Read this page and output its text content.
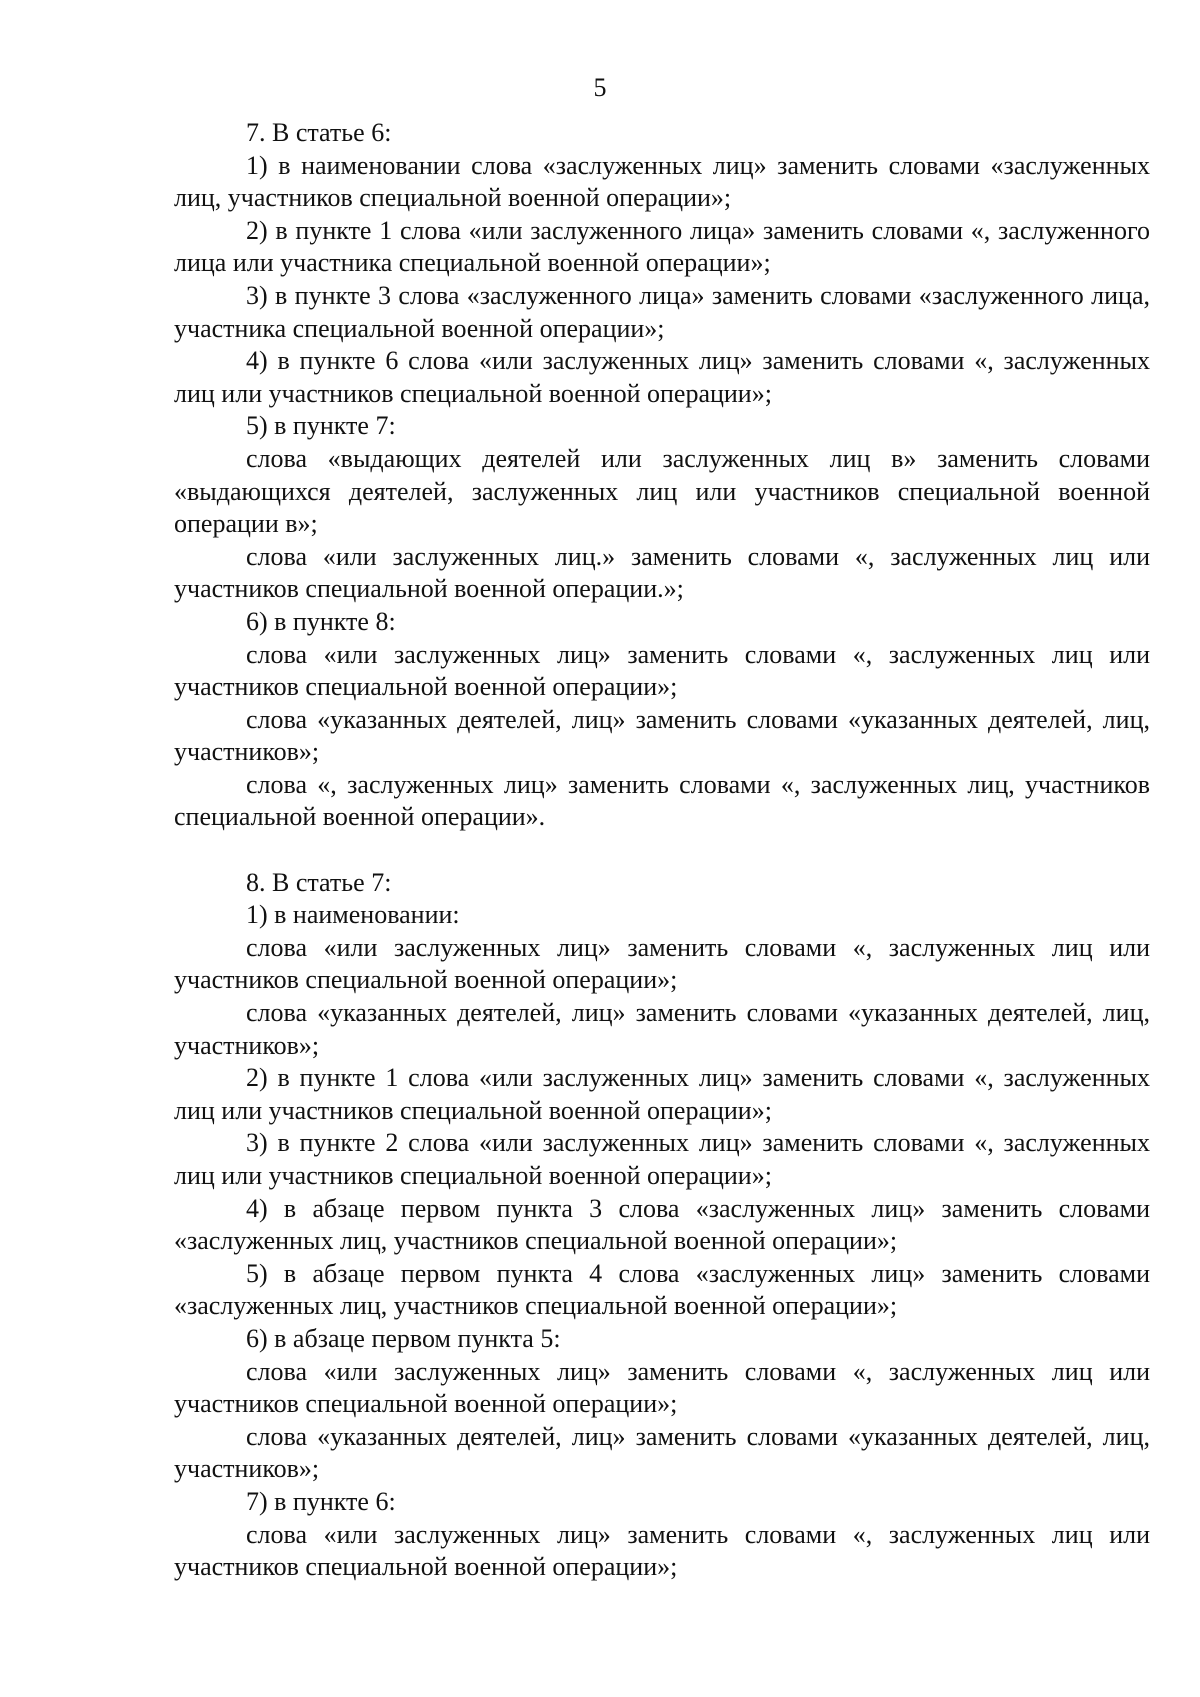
5

7. В статье 6:

1) в наименовании слова «заслуженных лиц» заменить словами «заслуженных лиц, участников специальной военной операции»;

2) в пункте 1 слова «или заслуженного лица» заменить словами «, заслуженного лица или участника специальной военной операции»;

3) в пункте 3 слова «заслуженного лица» заменить словами «заслуженного лица, участника специальной военной операции»;

4) в пункте 6 слова «или заслуженных лиц» заменить словами «, заслуженных лиц или участников специальной военной операции»;

5) в пункте 7:

слова «выдающих деятелей или заслуженных лиц в» заменить словами «выдающихся деятелей, заслуженных лиц или участников специальной военной операции в»;

слова «или заслуженных лиц.» заменить словами «, заслуженных лиц или участников специальной военной операции.»;

6) в пункте 8:

слова «или заслуженных лиц» заменить словами «, заслуженных лиц или участников специальной военной операции»;

слова «указанных деятелей, лиц» заменить словами «указанных деятелей, лиц, участников»;

слова «, заслуженных лиц» заменить словами «, заслуженных лиц, участников специальной военной операции».

8. В статье 7:

1) в наименовании:

слова «или заслуженных лиц» заменить словами «, заслуженных лиц или участников специальной военной операции»;

слова «указанных деятелей, лиц» заменить словами «указанных деятелей, лиц, участников»;

2) в пункте 1 слова «или заслуженных лиц» заменить словами «, заслуженных лиц или участников специальной военной операции»;

3) в пункте 2 слова «или заслуженных лиц» заменить словами «, заслуженных лиц или участников специальной военной операции»;

4) в абзаце первом пункта 3 слова «заслуженных лиц» заменить словами «заслуженных лиц, участников специальной военной операции»;

5) в абзаце первом пункта 4 слова «заслуженных лиц» заменить словами «заслуженных лиц, участников специальной военной операции»;

6) в абзаце первом пункта 5:

слова «или заслуженных лиц» заменить словами «, заслуженных лиц или участников специальной военной операции»;

слова «указанных деятелей, лиц» заменить словами «указанных деятелей, лиц, участников»;

7) в пункте 6:

слова «или заслуженных лиц» заменить словами «, заслуженных лиц или участников специальной военной операции»;
